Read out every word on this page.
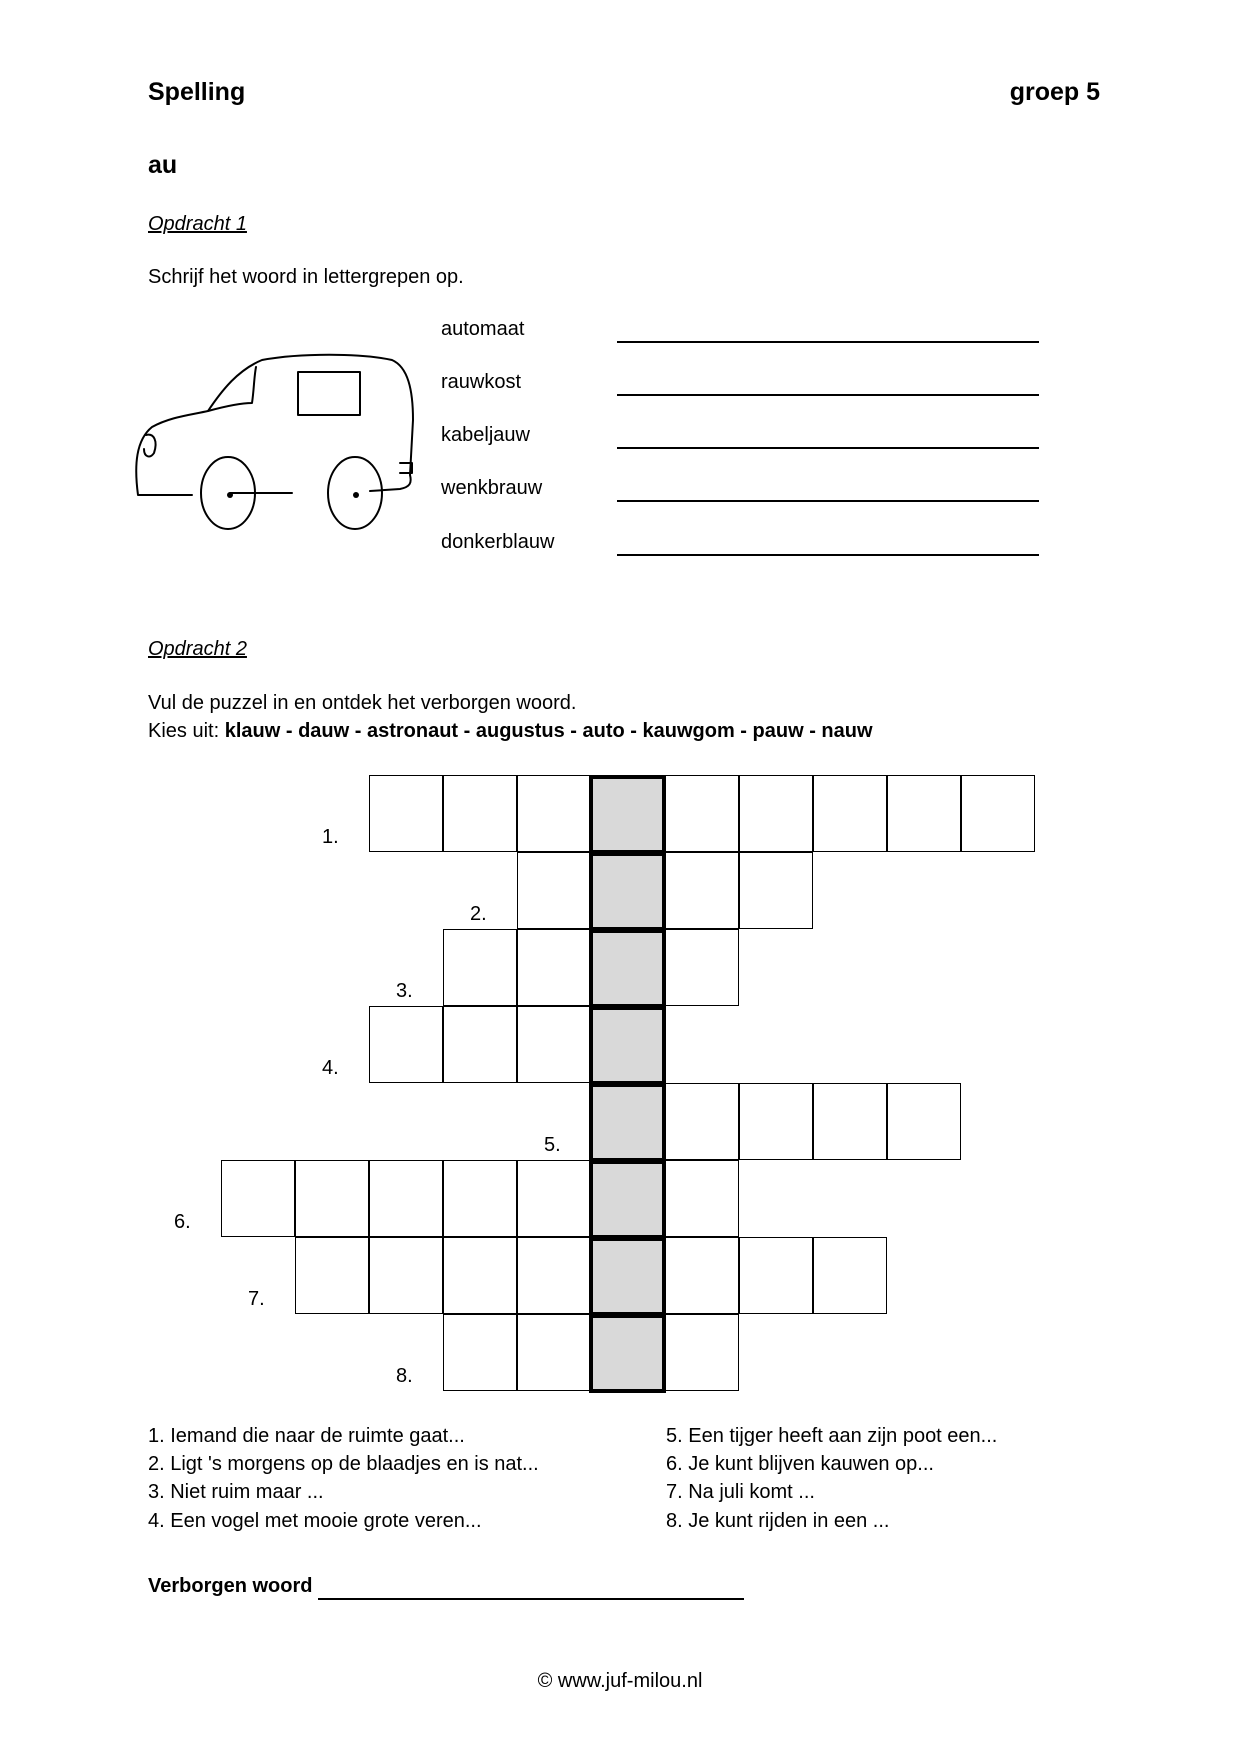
Spelling	groep 5
au
Opdracht 1
Schrijf het woord in lettergrepen op.
automaat
rauwkost
kabeljauw
wenkbrauw
donkerblauw
Opdracht 2
Vul de puzzel in en ontdek het verborgen woord.
Kies uit: klauw - dauw - astronaut - augustus - auto - kauwgom - pauw - nauw
1.
2.
3.
4.
5.
6.
7.
8.
1. Iemand die naar de ruimte gaat...
2. Ligt 's morgens op de blaadjes en is nat...
3. Niet ruim maar ...
4. Een vogel met mooie grote veren...
5. Een tijger heeft aan zijn poot een...
6. Je kunt blijven kauwen op...
7. Na juli komt ...
8. Je kunt rijden in een ...
Verborgen woord
© www.juf-milou.nl
